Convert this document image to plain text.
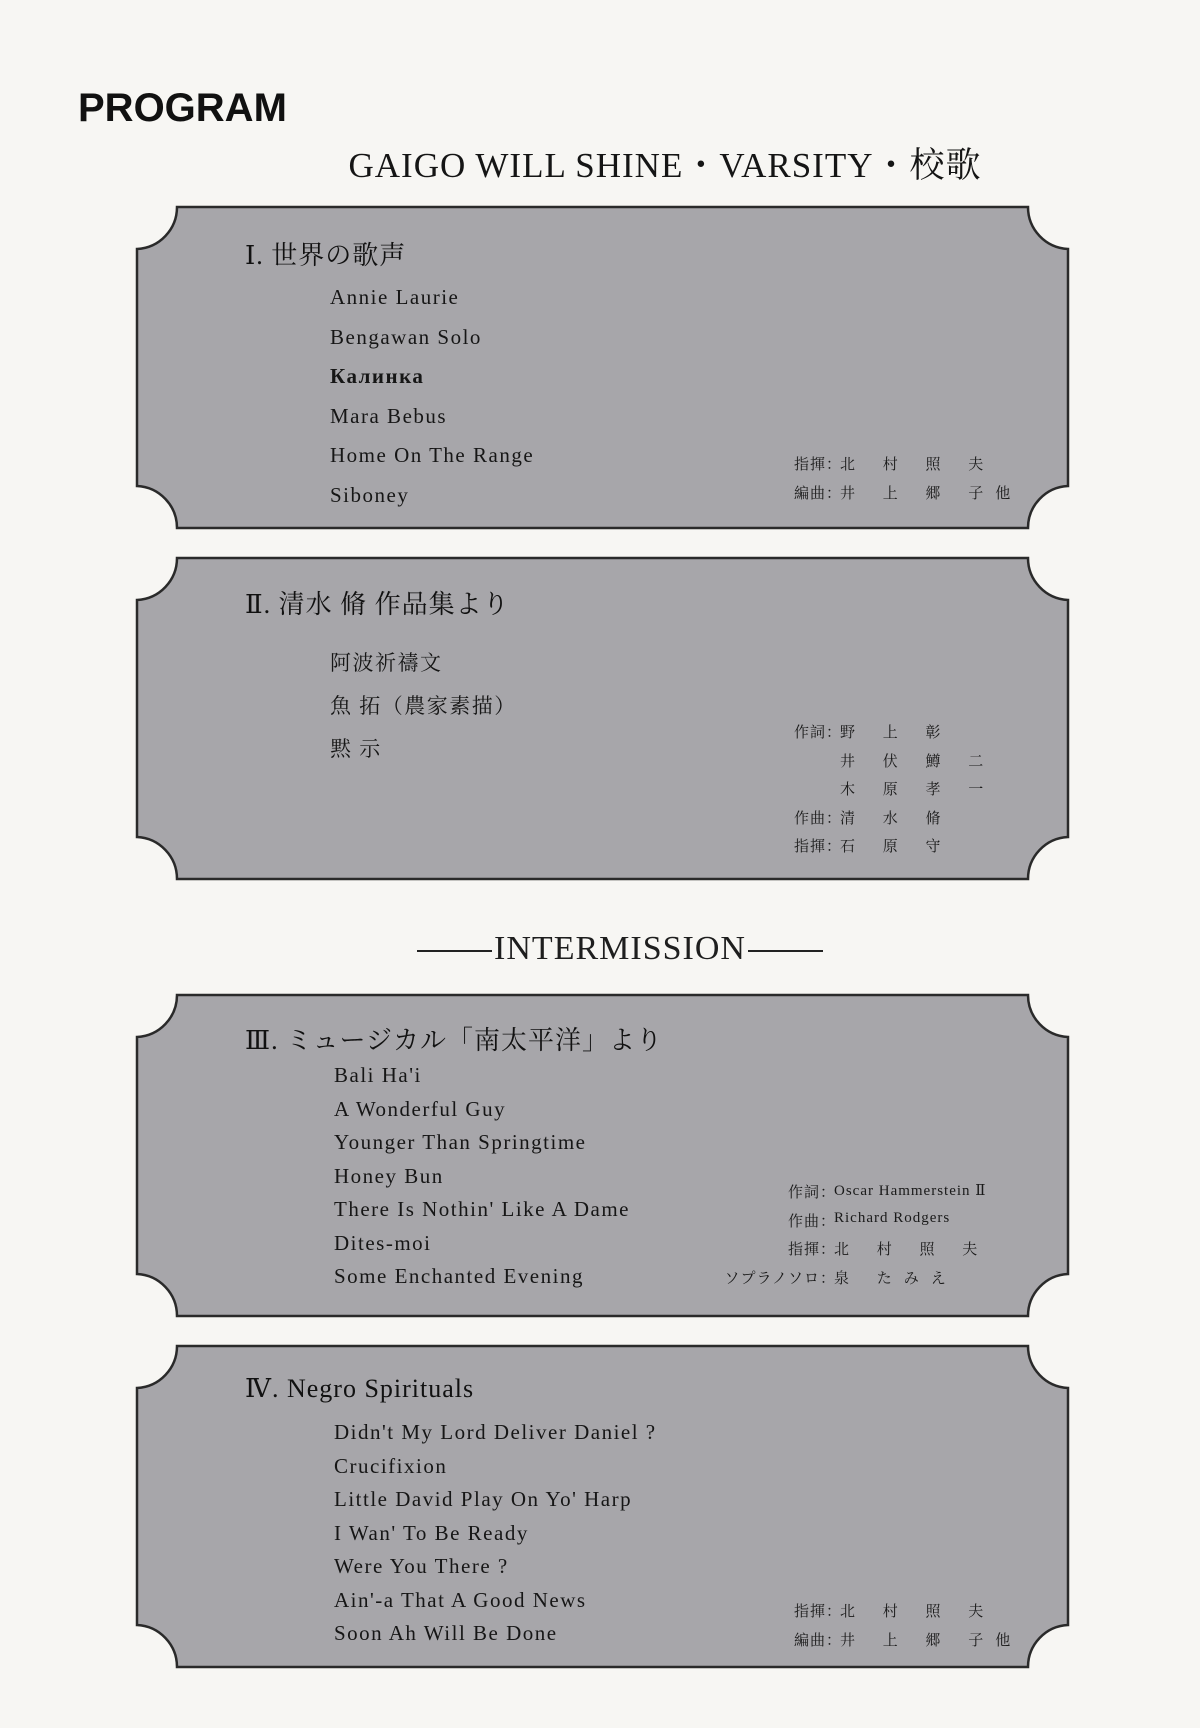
PROGRAM
GAIGO WILL SHINE・VARSITY・校歌
Ⅰ. 世界の歌声
Annie Laurie
Bengawan Solo
Калинка
Mara Bebus
Home On The Range
Siboney
指揮 ：
北 村 照 夫
編曲 ：
井 上 郷 子他
Ⅱ. 清水 脩 作品集より
阿波祈禱文
魚 拓（農家素描）
黙 示
作詞 ：
野 上 彰
井 伏 鱒 二
木 原 孝 一
作曲 ：
清 水 脩
指揮 ：
石 原 守
INTERMISSION
Ⅲ. ミュージカル「南太平洋」より
Bali Ha'i
A Wonderful Guy
Younger Than Springtime
Honey Bun
There Is Nothin' Like A Dame
Dites-moi
Some Enchanted Evening
作詞 ：
Oscar Hammerstein Ⅱ
作曲 ：
Richard Rodgers
指揮 ：
北 村 照 夫
ソプラノソロ ：
泉 たみえ
Ⅳ. Negro Spirituals
Didn't My Lord Deliver Daniel ?
Crucifixion
Little David Play On Yo' Harp
I Wan' To Be Ready
Were You There ?
Ain'-a That A Good News
Soon Ah Will Be Done
指揮 ：
北 村 照 夫
編曲 ：
井 上 郷 子他
